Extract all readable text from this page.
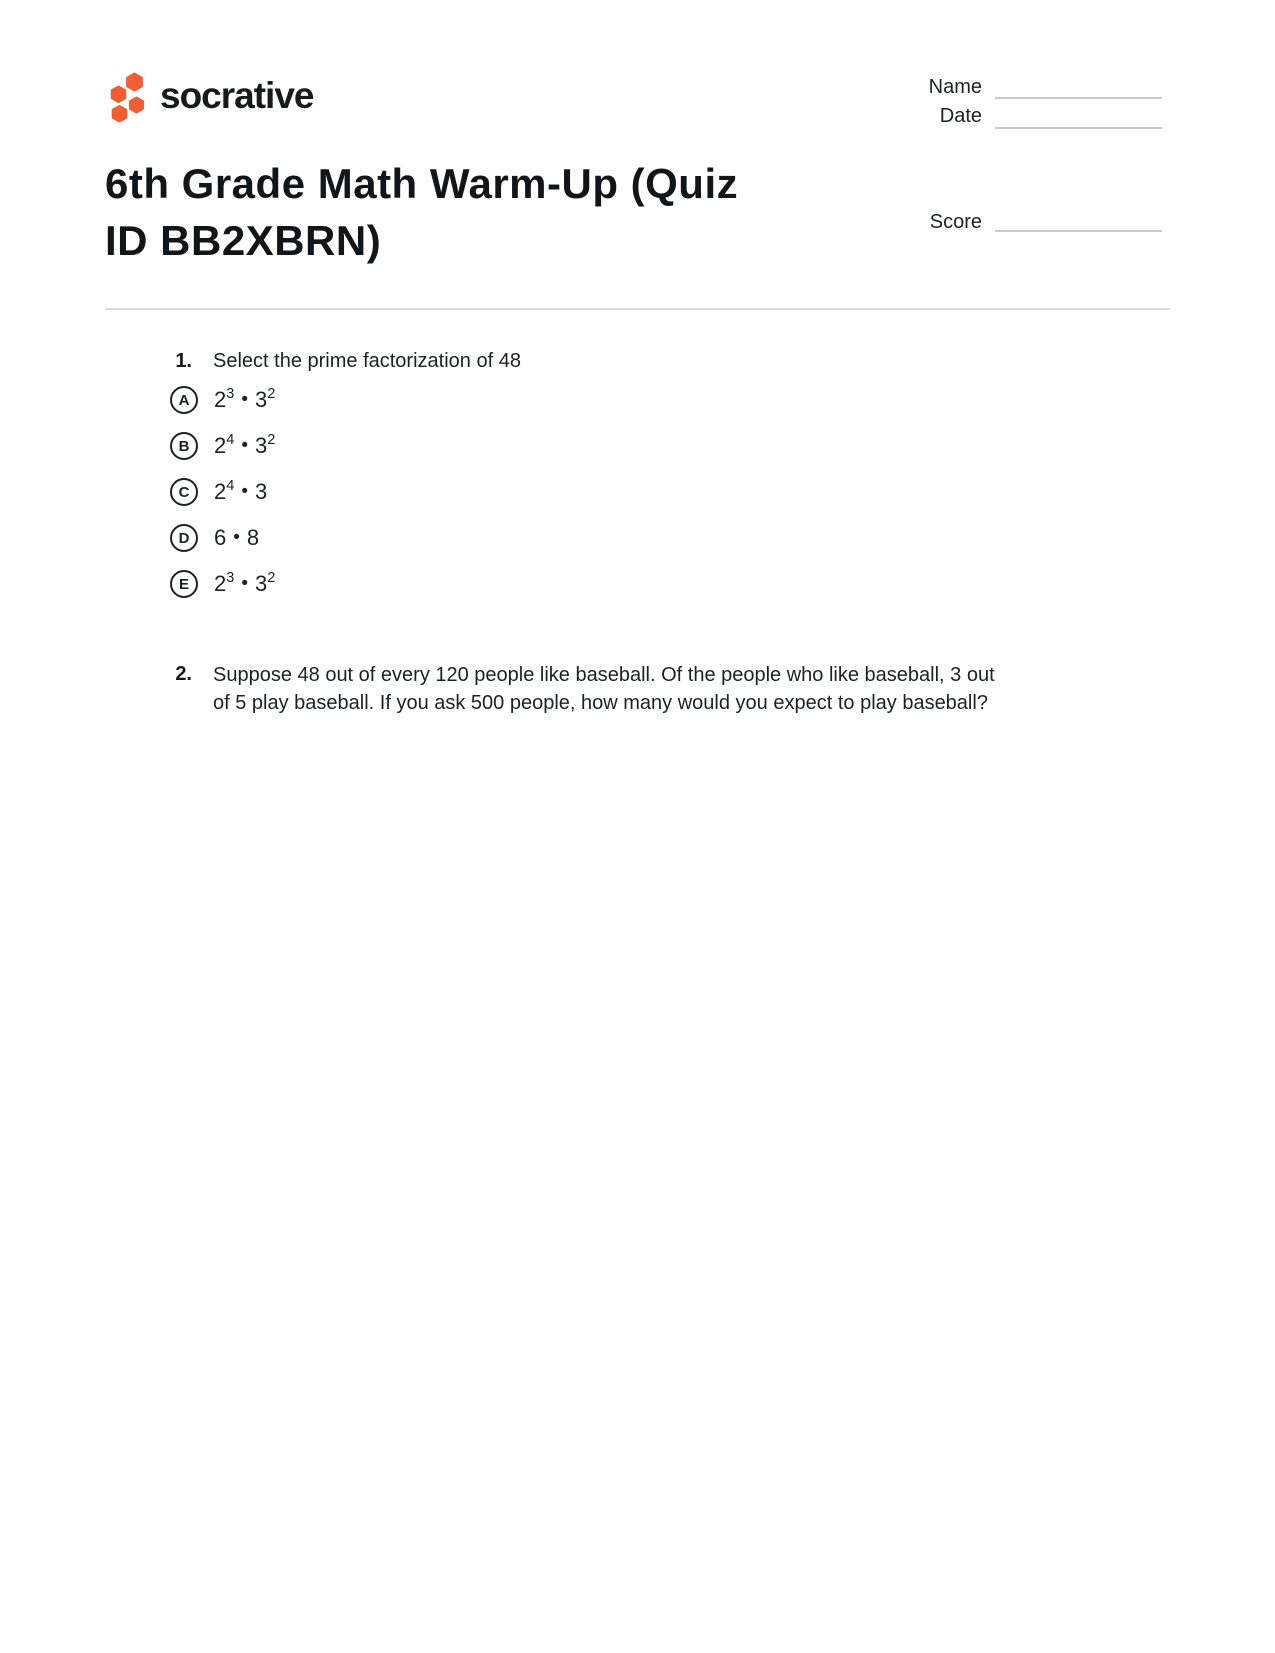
socrative	Name
Date
Score
6th Grade Math Warm-Up (Quiz ID BB2XBRN)
1. Select the prime factorization of 48
A	$2^3$ • $3^2$
B	$2^4$ • $3^2$
C	$2^4$ • 3
D	6 • 8
E	$2^3$ • $3^2$
2. Suppose 48 out of every 120 people like baseball. Of the people who like baseball, 3 out of 5 play baseball. If you ask 500 people, how many would you expect to play baseball?
